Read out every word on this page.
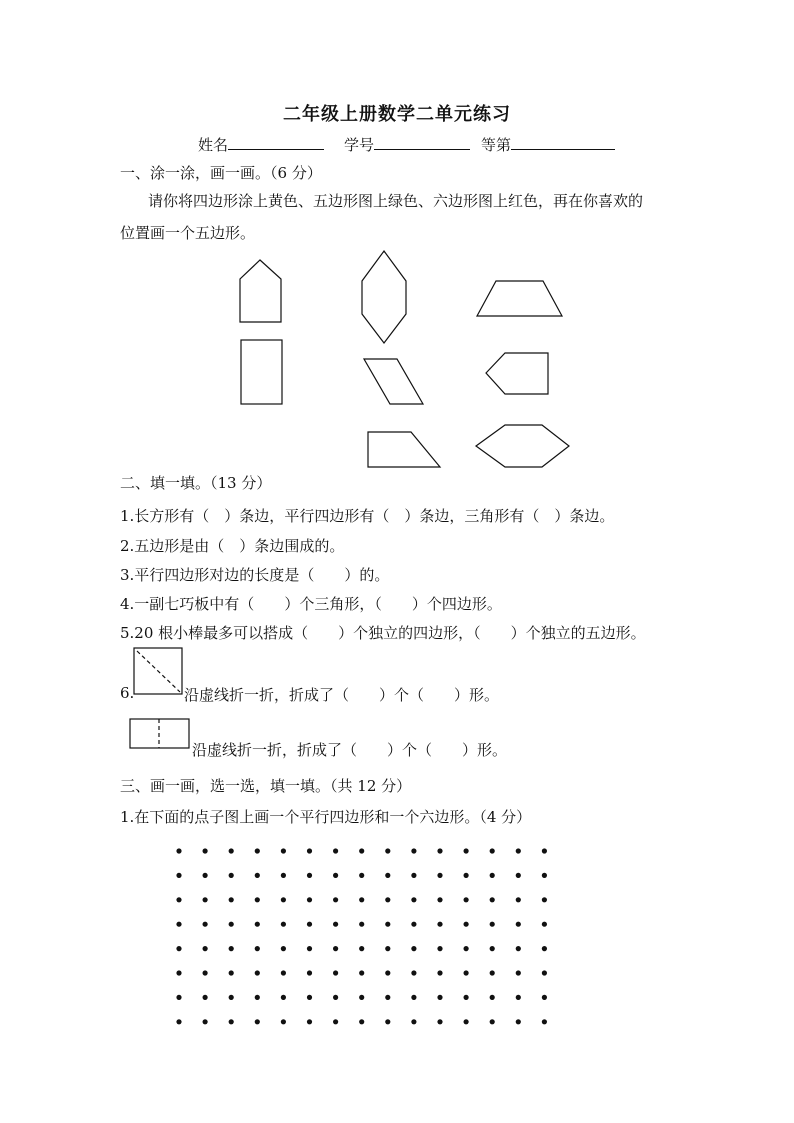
二年级上册数学二单元练习
姓名	学号	等第
一、涂一涂，画一画。（6 分）
请你将四边形涂上黄色、五边形图上绿色、六边形图上红色，再在你喜欢的
位置画一个五边形。
二、填一填。（13 分）
1.长方形有（　）条边，平行四边形有（　）条边，三角形有（　）条边。
2.五边形是由（　）条边围成的。
3.平行四边形对边的长度是（　　）的。
4.一副七巧板中有（　　）个三角形，（　　）个四边形。
5.20 根小棒最多可以搭成（　　）个独立的四边形，（　　）个独立的五边形。
6.	沿虚线折一折，折成了（　　）个（　　）形。
沿虚线折一折，折成了（　　）个（　　）形。
三、画一画，选一选，填一填。（共 12 分）
1.在下面的点子图上画一个平行四边形和一个六边形。（4 分）
